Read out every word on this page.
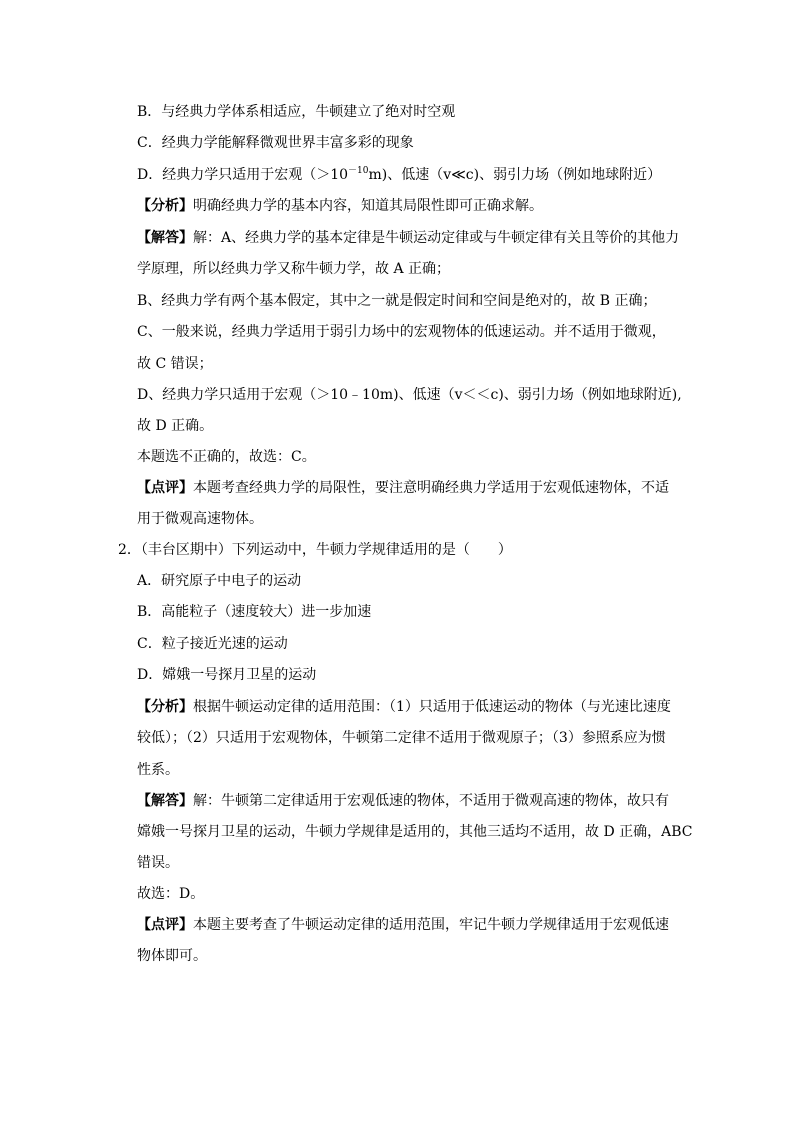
B．与经典力学体系相适应，牛顿建立了绝对时空观
C．经典力学能解释微观世界丰富多彩的现象
D．经典力学只适用于宏观$(>10^{-10}m)$、低速（v≪c)、弱引力场（例如地球附近）
【分析】明确经典力学的基本内容，知道其局限性即可正确求解。
【解答】解：A、经典力学的基本定律是牛顿运动定律或与牛顿定律有关且等价的其他力
学原理，所以经典力学又称牛顿力学，故 A 正确；
B、经典力学有两个基本假定，其中之一就是假定时间和空间是绝对的，故 B 正确；
C、一般来说，经典力学适用于弱引力场中的宏观物体的低速运动。并不适用于微观，
故 C 错误；
D、经典力学只适用于宏观（＞10﹣10m)、低速（v＜＜c)、弱引力场（例如地球附近),
故 D 正确。
本题选不正确的，故选：C。
【点评】本题考查经典力学的局限性，要注意明确经典力学适用于宏观低速物体，不适
用于微观高速物体。
2．（丰台区期中）下列运动中，牛顿力学规律适用的是（　　）
A．研究原子中电子的运动
B．高能粒子（速度较大）进一步加速
C．粒子接近光速的运动
D．嫦娥一号探月卫星的运动
【分析】根据牛顿运动定律的适用范围：（1）只适用于低速运动的物体（与光速比速度
较低）；（2）只适用于宏观物体，牛顿第二定律不适用于微观原子；（3）参照系应为惯
性系。
【解答】解：牛顿第二定律适用于宏观低速的物体，不适用于微观高速的物体，故只有
嫦娥一号探月卫星的运动，牛顿力学规律是适用的，其他三适均不适用，故 D 正确，ABC
错误。
故选：D。
【点评】本题主要考查了牛顿运动定律的适用范围，牢记牛顿力学规律适用于宏观低速
物体即可。
